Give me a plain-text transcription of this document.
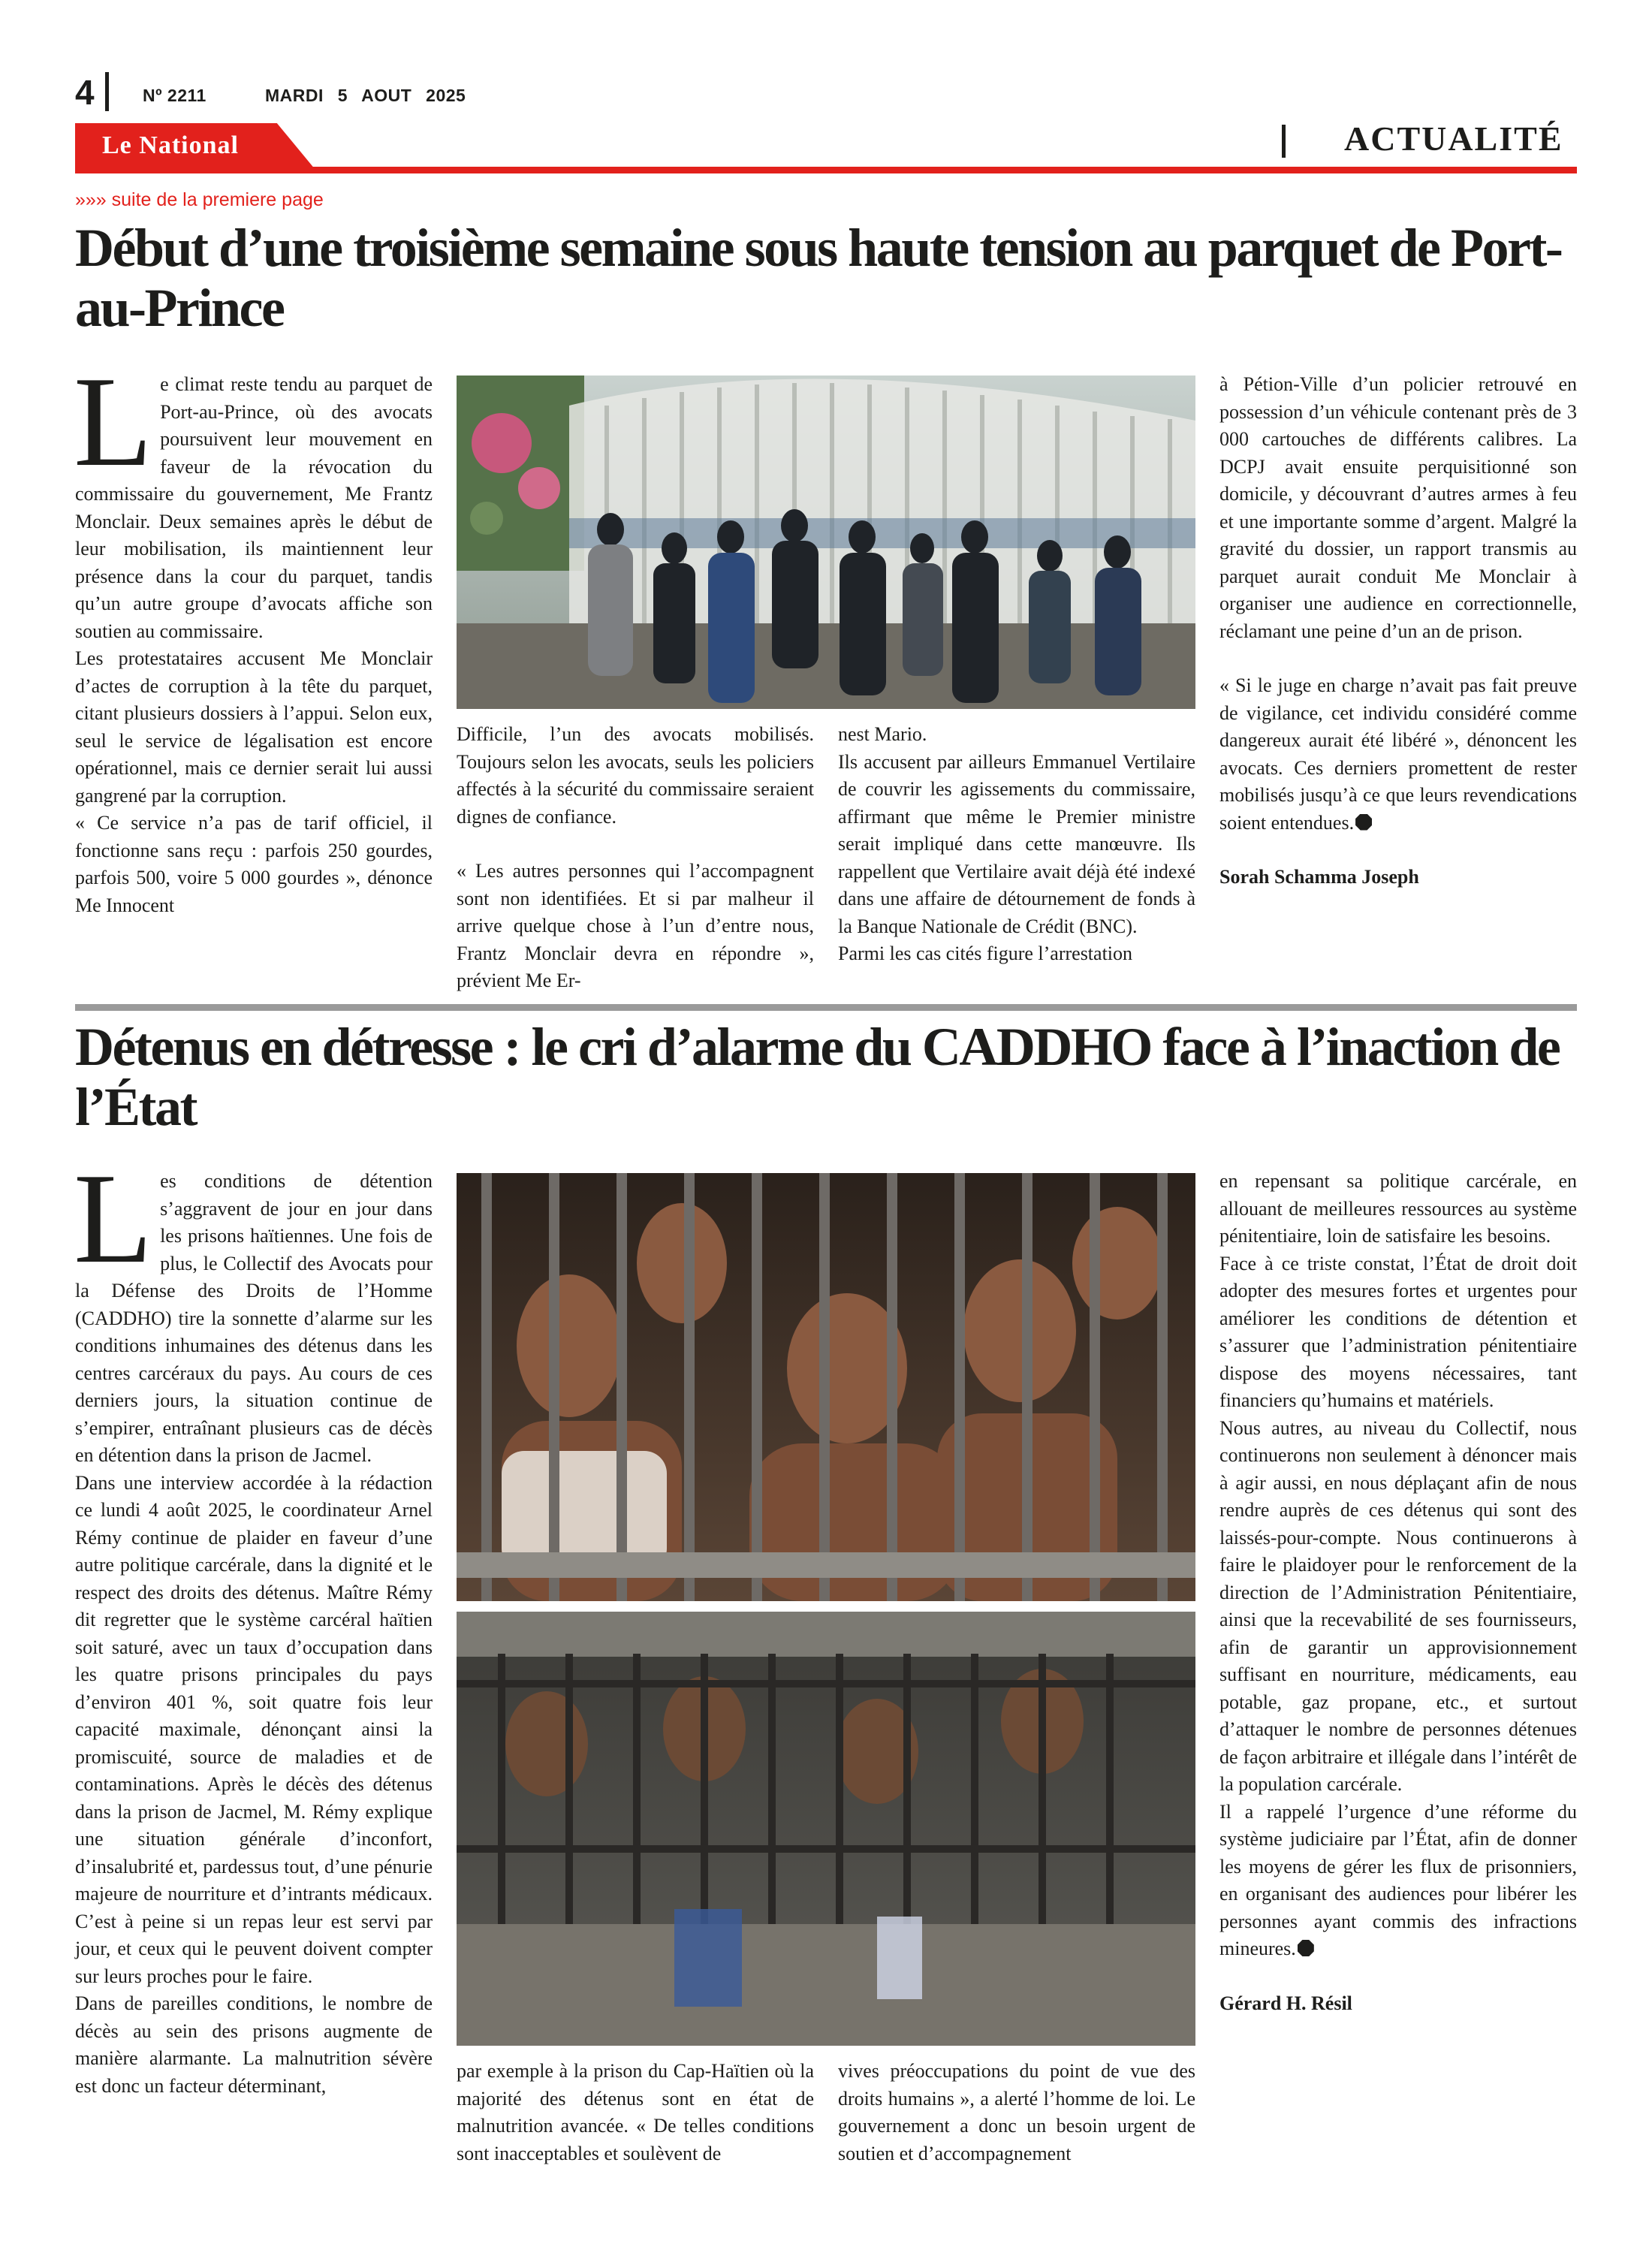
4	Nº 2211	MARDI 5 AOUT 2025
Le National	ACTUALITÉ
»»» suite de la premiere page
Début d’une troisième semaine sous haute tension au parquet de Port-au-Prince
L e climat reste tendu au parquet de Port-au-Prince, où des avocats poursuivent leur mouvement en faveur de la révocation du commissaire du gouvernement, Me Frantz Monclair. Deux semaines après le début de leur mobilisation, ils maintiennent leur présence dans la cour du parquet, tandis qu’un autre groupe d’avocats affiche son soutien au commissaire.

Les protestataires accusent Me Monclair d’actes de corruption à la tête du parquet, citant plusieurs dossiers à l’appui. Selon eux, seul le service de légalisation est encore opérationnel, mais ce dernier serait lui aussi gangrené par la corruption.

« Ce service n’a pas de tarif officiel, il fonctionne sans reçu : parfois 250 gourdes, parfois 500, voire 5 000 gourdes », dénonce Me Innocent

Difficile, l’un des avocats mobilisés. Toujours selon les avocats, seuls les policiers affectés à la sécurité du commissaire seraient dignes de confiance.

« Les autres personnes qui l’accompagnent sont non identifiées. Et si par malheur il arrive quelque chose à l’un d’entre nous, Frantz Monclair devra en répondre », prévient Me Er-

nest Mario.

Ils accusent par ailleurs Emmanuel Vertilaire de couvrir les agissements du commissaire, affirmant que même le Premier ministre serait impliqué dans cette manœuvre. Ils rappellent que Vertilaire avait déjà été indexé dans une affaire de détournement de fonds à la Banque Nationale de Crédit (BNC).

Parmi les cas cités figure l’arrestation

à Pétion-Ville d’un policier retrouvé en possession d’un véhicule contenant près de 3 000 cartouches de différents calibres. La DCPJ avait ensuite perquisitionné son domicile, y découvrant d’autres armes à feu et une importante somme d’argent. Malgré la gravité du dossier, un rapport transmis au parquet aurait conduit Me Monclair à organiser une audience en correctionnelle, réclamant une peine d’un an de prison.

« Si le juge en charge n’avait pas fait preuve de vigilance, cet individu considéré comme dangereux aurait été libéré », dénoncent les avocats. Ces derniers promettent de rester mobilisés jusqu’à ce que leurs revendications soient entendues.

Sorah Schamma Joseph

Détenus en détresse : le cri d’alarme du CADDHO face à l’inaction de l’État
L es conditions de détention s’aggravent de jour en jour dans les prisons haïtiennes. Une fois de plus, le Collectif des Avocats pour la Défense des Droits de l’Homme (CADDHO) tire la sonnette d’alarme sur les conditions inhumaines des détenus dans les centres carcéraux du pays. Au cours de ces derniers jours, la situation continue de s’empirer, entraînant plusieurs cas de décès en détention dans la prison de Jacmel.

Dans une interview accordée à la rédaction ce lundi 4 août 2025, le coordinateur Arnel Rémy continue de plaider en faveur d’une autre politique carcérale, dans la dignité et le respect des droits des détenus. Maître Rémy dit regretter que le système carcéral haïtien soit saturé, avec un taux d’occupation dans les quatre prisons principales du pays d’environ 401 %, soit quatre fois leur capacité maximale, dénonçant ainsi la promiscuité, source de maladies et de contaminations. Après le décès des détenus dans la prison de Jacmel, M. Rémy explique une situation générale d’inconfort, d’insalubrité et, pardessus tout, d’une pénurie majeure de nourriture et d’intrants médicaux. C’est à peine si un repas leur est servi par jour, et ceux qui le peuvent doivent compter sur leurs proches pour le faire.

Dans de pareilles conditions, le nombre de décès au sein des prisons augmente de manière alarmante. La malnutrition sévère est donc un facteur déterminant,

par exemple à la prison du Cap-Haïtien où la majorité des détenus sont en état de malnutrition avancée. « De telles conditions sont inacceptables et soulèvent de

vives préoccupations du point de vue des droits humains », a alerté l’homme de loi. Le gouvernement a donc un besoin urgent de soutien et d’accompagnement

en repensant sa politique carcérale, en allouant de meilleures ressources au système pénitentiaire, loin de satisfaire les besoins.

Face à ce triste constat, l’État de droit doit adopter des mesures fortes et urgentes pour améliorer les conditions de détention et s’assurer que l’administration pénitentiaire dispose des moyens nécessaires, tant financiers qu’humains et matériels.

Nous autres, au niveau du Collectif, nous continuerons non seulement à dénoncer mais à agir aussi, en nous déplaçant afin de nous rendre auprès de ces détenus qui sont des laissés-pour-compte. Nous continuerons à faire le plaidoyer pour le renforcement de la direction de l’Administration Pénitentiaire, ainsi que la recevabilité de ses fournisseurs, afin de garantir un approvisionnement suffisant en nourriture, médicaments, eau potable, gaz propane, etc., et surtout d’attaquer le nombre de personnes détenues de façon arbitraire et illégale dans l’intérêt de la population carcérale.

Il a rappelé l’urgence d’une réforme du système judiciaire par l’État, afin de donner les moyens de gérer les flux de prisonniers, en organisant des audiences pour libérer les personnes ayant commis des infractions mineures.

Gérard H. Résil
